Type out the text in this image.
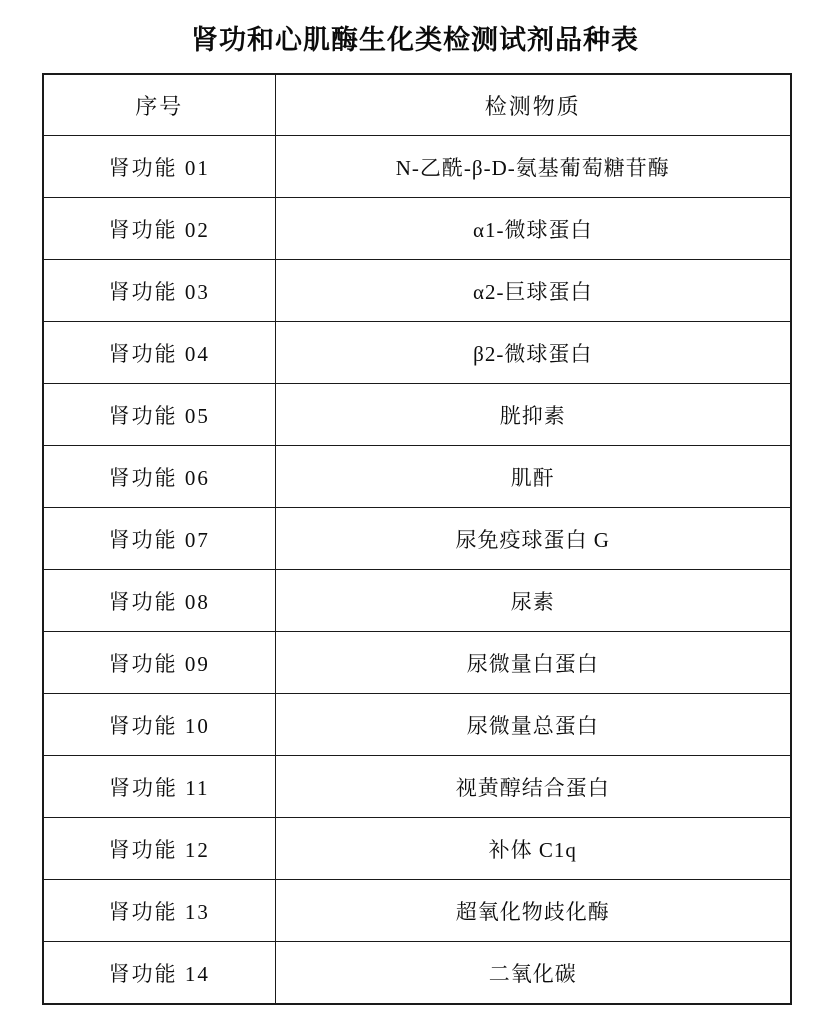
肾功和心肌酶生化类检测试剂品种表
序号	检测物质
肾功能 01	N-乙酰-β-D-氨基葡萄糖苷酶
肾功能 02	α1-微球蛋白
肾功能 03	α2-巨球蛋白
肾功能 04	β2-微球蛋白
肾功能 05	胱抑素
肾功能 06	肌酐
肾功能 07	尿免疫球蛋白 G
肾功能 08	尿素
肾功能 09	尿微量白蛋白
肾功能 10	尿微量总蛋白
肾功能 11	视黄醇结合蛋白
肾功能 12	补体 C1q
肾功能 13	超氧化物歧化酶
肾功能 14	二氧化碳
